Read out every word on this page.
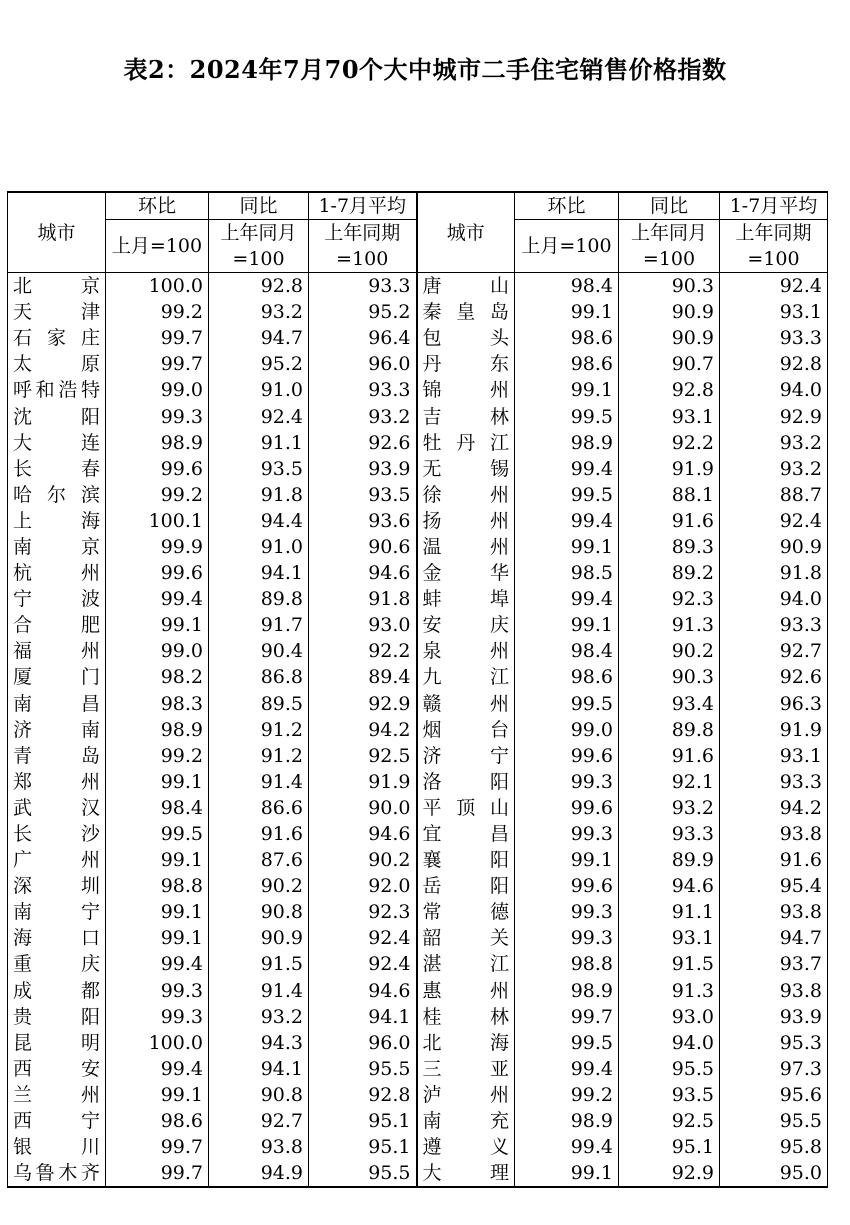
表2：2024年7月70个大中城市二手住宅销售价格指数
城市	环比	同比	1-7月平均	城市	环比	同比	1-7月平均
	上月=100	上年同月	上年同期		上月=100	上年同月	上年同期
		=100	=100			=100	=100
北　　京	100.0	92.8	93.3	唐　　山	98.4	90.3	92.4
天　　津	99.2	93.2	95.2	秦 皇 岛	99.1	90.9	93.1
石 家 庄	99.7	94.7	96.4	包　　头	98.6	90.9	93.3
太　　原	99.7	95.2	96.0	丹　　东	98.6	90.7	92.8
呼和浩特	99.0	91.0	93.3	锦　　州	99.1	92.8	94.0
沈　　阳	99.3	92.4	93.2	吉　　林	99.5	93.1	92.9
大　　连	98.9	91.1	92.6	牡 丹 江	98.9	92.2	93.2
长　　春	99.6	93.5	93.9	无　　锡	99.4	91.9	93.2
哈 尔 滨	99.2	91.8	93.5	徐　　州	99.5	88.1	88.7
上　　海	100.1	94.4	93.6	扬　　州	99.4	91.6	92.4
南　　京	99.9	91.0	90.6	温　　州	99.1	89.3	90.9
杭　　州	99.6	94.1	94.6	金　　华	98.5	89.2	91.8
宁　　波	99.4	89.8	91.8	蚌　　埠	99.4	92.3	94.0
合　　肥	99.1	91.7	93.0	安　　庆	99.1	91.3	93.3
福　　州	99.0	90.4	92.2	泉　　州	98.4	90.2	92.7
厦　　门	98.2	86.8	89.4	九　　江	98.6	90.3	92.6
南　　昌	98.3	89.5	92.9	赣　　州	99.5	93.4	96.3
济　　南	98.9	91.2	94.2	烟　　台	99.0	89.8	91.9
青　　岛	99.2	91.2	92.5	济　　宁	99.6	91.6	93.1
郑　　州	99.1	91.4	91.9	洛　　阳	99.3	92.1	93.3
武　　汉	98.4	86.6	90.0	平 顶 山	99.6	93.2	94.2
长　　沙	99.5	91.6	94.6	宜　　昌	99.3	93.3	93.8
广　　州	99.1	87.6	90.2	襄　　阳	99.1	89.9	91.6
深　　圳	98.8	90.2	92.0	岳　　阳	99.6	94.6	95.4
南　　宁	99.1	90.8	92.3	常　　德	99.3	91.1	93.8
海　　口	99.1	90.9	92.4	韶　　关	99.3	93.1	94.7
重　　庆	99.4	91.5	92.4	湛　　江	98.8	91.5	93.7
成　　都	99.3	91.4	94.6	惠　　州	98.9	91.3	93.8
贵　　阳	99.3	93.2	94.1	桂　　林	99.7	93.0	93.9
昆　　明	100.0	94.3	96.0	北　　海	99.5	94.0	95.3
西　　安	99.4	94.1	95.5	三　　亚	99.4	95.5	97.3
兰　　州	99.1	90.8	92.8	泸　　州	99.2	93.5	95.6
西　　宁	98.6	92.7	95.1	南　　充	98.9	92.5	95.5
银　　川	99.7	93.8	95.1	遵　　义	99.4	95.1	95.8
乌鲁木齐	99.7	94.9	95.5	大　　理	99.1	92.9	95.0
